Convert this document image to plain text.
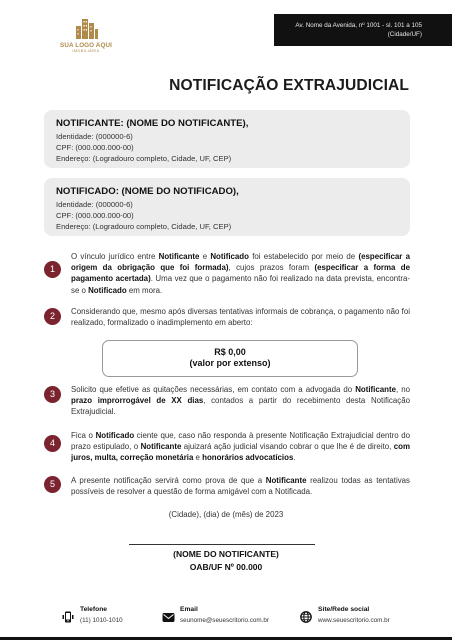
SUA LOGO AQUI
IMOBILIÁRIA
Av. Nome da Avenida, nº 1001 - sl. 101 a 105
(Cidade/UF)
NOTIFICAÇÃO EXTRAJUDICIAL
NOTIFICANTE: (NOME DO NOTIFICANTE),
Identidade: (000000-6)
CPF: (000.000.000-00)
Endereço: (Logradouro completo, Cidade, UF, CEP)
NOTIFICADO: (NOME DO NOTIFICADO),
Identidade: (000000-6)
CPF: (000.000.000-00)
Endereço: (Logradouro completo, Cidade, UF, CEP)
1
O vínculo jurídico entre Notificante e Notificado foi estabelecido por meio de (especificar a origem da obrigação que foi formada), cujos prazos foram (especificar a forma de pagamento acertada). Uma vez que o pagamento não foi realizado na data prevista, encontra-se o Notificado em mora.
2	Considerando que, mesmo após diversas tentativas informais de cobrança, o pagamento não foi realizado, formalizado o inadimplemento em aberto:
R$ 0,00
(valor por extenso)
3	Solicito que efetive as quitações necessárias, em contato com a advogada do Notificante, no prazo improrrogável de XX dias, contados a partir do recebimento desta Notificação Extrajudicial.
4
Fica o Notificado ciente que, caso não responda à presente Notificação Extrajudicial dentro do prazo estipulado, o Notificante ajuizará ação judicial visando cobrar o que lhe é de direito, com juros, multa, correção monetária e honorários advocatícios.
5	A presente notificação servirá como prova de que a Notificante realizou todas as tentativas possíveis de resolver a questão de forma amigável com a Notificada.
(Cidade), (dia) de (mês) de 2023
(NOME DO NOTIFICANTE)
OAB/UF Nº 00.000
Telefone
(11) 1010-1010
Email
seunome@seuescritorio.com.br
Site/Rede social
www.seuescritorio.com.br
